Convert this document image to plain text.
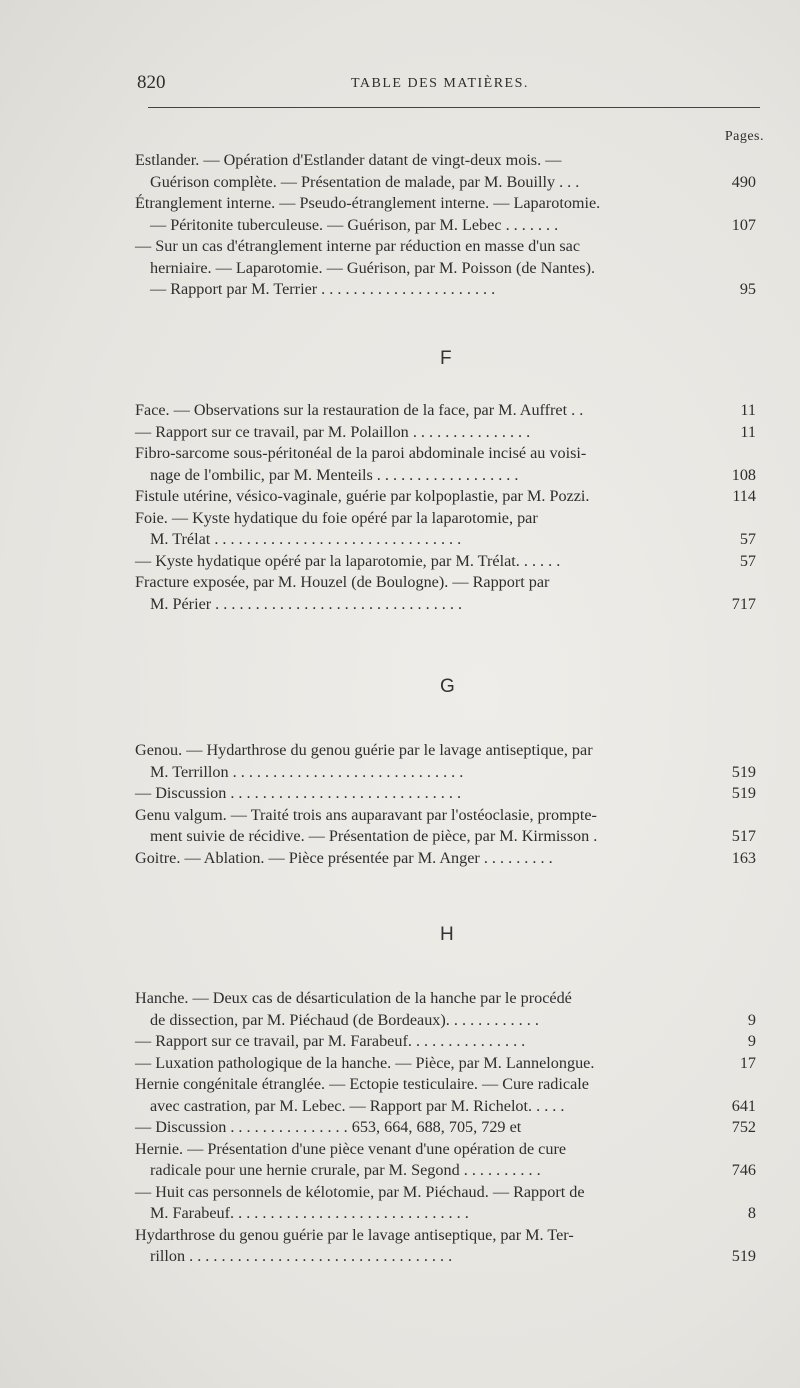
820	TABLE DES MATIÈRES.
Pages.
Estlander. — Opération d'Estlander datant de vingt-deux mois. —
Guérison complète. — Présentation de malade, par M. Bouilly . . .	490
Étranglement interne. — Pseudo-étranglement interne. — Laparotomie.
— Péritonite tuberculeuse. — Guérison, par M. Lebec . . . . . . .	107
— Sur un cas d'étranglement interne par réduction en masse d'un sac
herniaire. — Laparotomie. — Guérison, par M. Poisson (de Nantes).
— Rapport par M. Terrier . . . . . . . . . . . . . . . . . . . . . .	95
Face. — Observations sur la restauration de la face, par M. Auffret . .	11
— Rapport sur ce travail, par M. Polaillon . . . . . . . . . . . . . . .	11
Fibro-sarcome sous-péritonéal de la paroi abdominale incisé au voisi-
nage de l'ombilic, par M. Menteils . . . . . . . . . . . . . . . . . .	108
Fistule utérine, vésico-vaginale, guérie par kolpoplastie, par M. Pozzi.	114
Foie. — Kyste hydatique du foie opéré par la laparotomie, par
M. Trélat . . . . . . . . . . . . . . . . . . . . . . . . . . . . . . .	57
— Kyste hydatique opéré par la laparotomie, par M. Trélat. . . . . .	57
Fracture exposée, par M. Houzel (de Boulogne). — Rapport par
M. Périer . . . . . . . . . . . . . . . . . . . . . . . . . . . . . . .	717
Genou. — Hydarthrose du genou guérie par le lavage antiseptique, par
M. Terrillon . . . . . . . . . . . . . . . . . . . . . . . . . . . . .	519
— Discussion . . . . . . . . . . . . . . . . . . . . . . . . . . . . .	519
Genu valgum. — Traité trois ans auparavant par l'ostéoclasie, prompte-
ment suivie de récidive. — Présentation de pièce, par M. Kirmisson .	517
Goitre. — Ablation. — Pièce présentée par M. Anger . . . . . . . . .	163
Hanche. — Deux cas de désarticulation de la hanche par le procédé
de dissection, par M. Piéchaud (de Bordeaux). . . . . . . . . . . .	9
— Rapport sur ce travail, par M. Farabeuf. . . . . . . . . . . . . . .	9
— Luxation pathologique de la hanche. — Pièce, par M. Lannelongue.	17
Hernie congénitale étranglée. — Ectopie testiculaire. — Cure radicale
avec castration, par M. Lebec. — Rapport par M. Richelot. . . . .	641
— Discussion . . . . . . . . . . . . . . . 653, 664, 688, 705, 729 et	752
Hernie. — Présentation d'une pièce venant d'une opération de cure
radicale pour une hernie crurale, par M. Segond . . . . . . . . . .	746
— Huit cas personnels de kélotomie, par M. Piéchaud. — Rapport de
M. Farabeuf. . . . . . . . . . . . . . . . . . . . . . . . . . . . . .	8
Hydarthrose du genou guérie par le lavage antiseptique, par M. Ter-
rillon . . . . . . . . . . . . . . . . . . . . . . . . . . . . . . . . .	519
F
G
H
